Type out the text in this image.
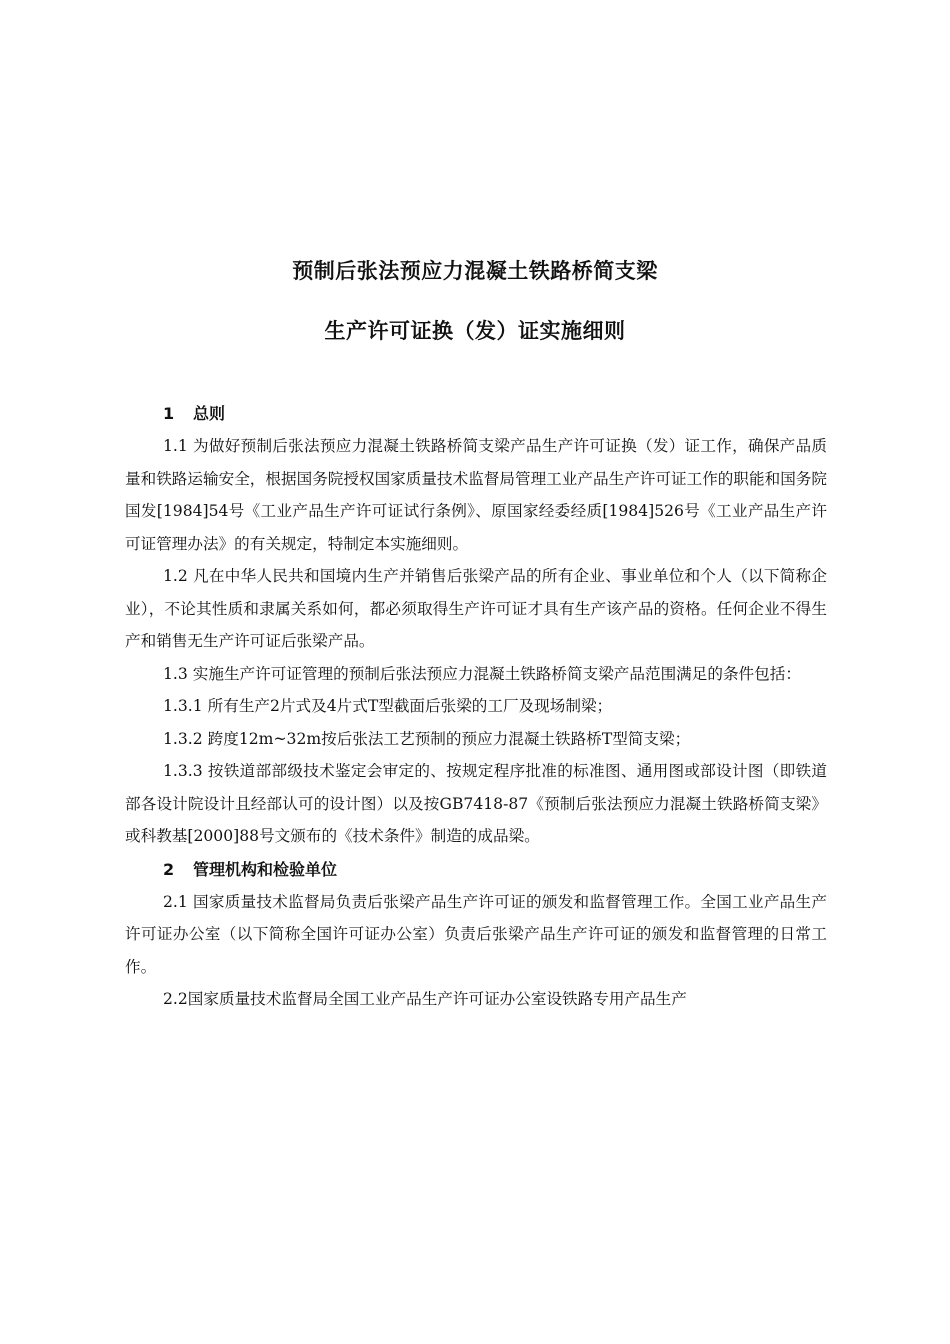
预制后张法预应力混凝土铁路桥简支梁
生产许可证换（发）证实施细则
1 总则

1.1 为做好预制后张法预应力混凝土铁路桥简支梁产品生产许可证换（发）证工作，确保产品质量和铁路运输安全，根据国务院授权国家质量技术监督局管理工业产品生产许可证工作的职能和国务院国发[1984]54号《工业产品生产许可证试行条例》、原国家经委经质[1984]526号《工业产品生产许可证管理办法》的有关规定，特制定本实施细则。

1.2 凡在中华人民共和国境内生产并销售后张梁产品的所有企业、事业单位和个人（以下简称企业），不论其性质和隶属关系如何，都必须取得生产许可证才具有生产该产品的资格。任何企业不得生产和销售无生产许可证后张梁产品。

1.3 实施生产许可证管理的预制后张法预应力混凝土铁路桥简支梁产品范围满足的条件包括：

1.3.1 所有生产2片式及4片式T型截面后张梁的工厂及现场制梁；

1.3.2 跨度12m~32m按后张法工艺预制的预应力混凝土铁路桥T型简支梁；

1.3.3 按铁道部部级技术鉴定会审定的、按规定程序批准的标准图、通用图或部设计图（即铁道部各设计院设计且经部认可的设计图）以及按GB7418-87《预制后张法预应力混凝土铁路桥简支梁》或科教基[2000]88号文颁布的《技术条件》制造的成品梁。

2 管理机构和检验单位

2.1 国家质量技术监督局负责后张梁产品生产许可证的颁发和监督管理工作。全国工业产品生产许可证办公室（以下简称全国许可证办公室）负责后张梁产品生产许可证的颁发和监督管理的日常工作。

2.2国家质量技术监督局全国工业产品生产许可证办公室设铁路专用产品生产
